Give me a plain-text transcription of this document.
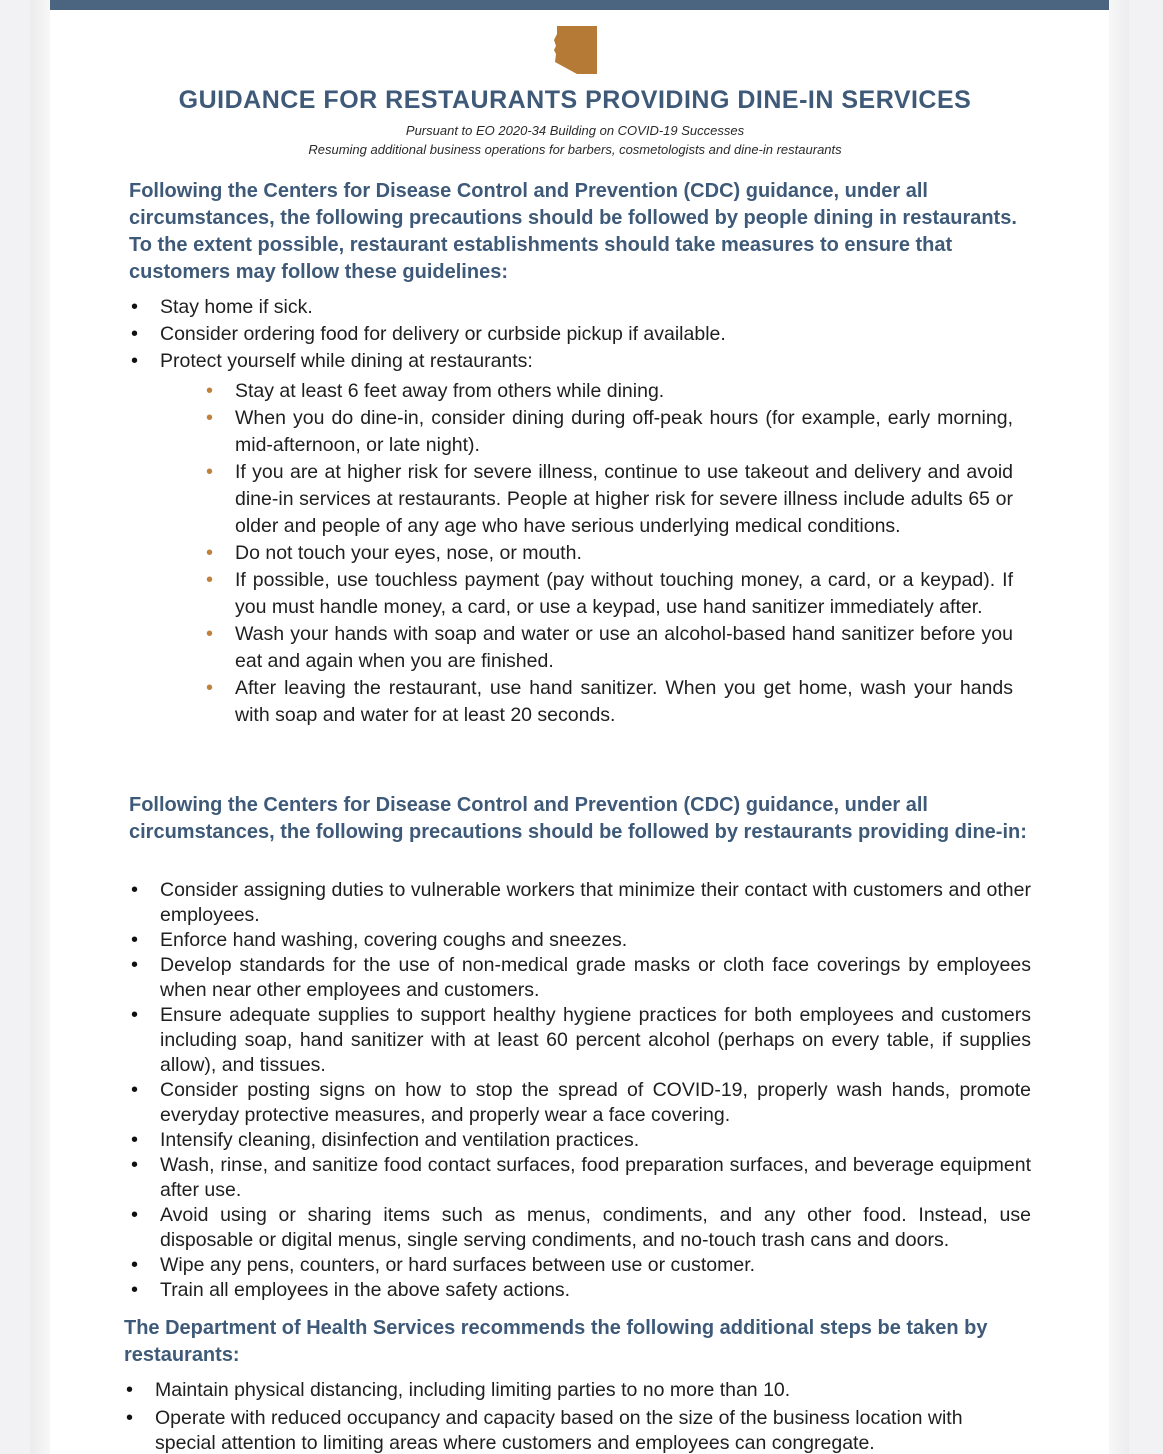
GUIDANCE FOR RESTAURANTS PROVIDING DINE-IN SERVICES
Pursuant to EO 2020-34 Building on COVID-19 Successes
Resuming additional business operations for barbers, cosmetologists and dine-in restaurants
Following the Centers for Disease Control and Prevention (CDC) guidance, under all circumstances, the following precautions should be followed by people dining in restaurants. To the extent possible, restaurant establishments should take measures to ensure that customers may follow these guidelines:
• Stay home if sick.
• Consider ordering food for delivery or curbside pickup if available.
• Protect yourself while dining at restaurants:
• Stay at least 6 feet away from others while dining.
• When you do dine-in, consider dining during off-peak hours (for example, early morning, mid-afternoon, or late night).
• If you are at higher risk for severe illness, continue to use takeout and delivery and avoid dine-in services at restaurants. People at higher risk for severe illness include adults 65 or older and people of any age who have serious underlying medical conditions.
• Do not touch your eyes, nose, or mouth.
• If possible, use touchless payment (pay without touching money, a card, or a keypad). If you must handle money, a card, or use a keypad, use hand sanitizer immediately after.
• Wash your hands with soap and water or use an alcohol-based hand sanitizer before you eat and again when you are finished.
• After leaving the restaurant, use hand sanitizer. When you get home, wash your hands with soap and water for at least 20 seconds.
Following the Centers for Disease Control and Prevention (CDC) guidance, under all circumstances, the following precautions should be followed by restaurants providing dine-in:
• Consider assigning duties to vulnerable workers that minimize their contact with customers and other employees.
• Enforce hand washing, covering coughs and sneezes.
• Develop standards for the use of non-medical grade masks or cloth face coverings by employees when near other employees and customers.
• Ensure adequate supplies to support healthy hygiene practices for both employees and customers including soap, hand sanitizer with at least 60 percent alcohol (perhaps on every table, if supplies allow), and tissues.
• Consider posting signs on how to stop the spread of COVID-19, properly wash hands, promote everyday protective measures, and properly wear a face covering.
• Intensify cleaning, disinfection and ventilation practices.
• Wash, rinse, and sanitize food contact surfaces, food preparation surfaces, and beverage equipment after use.
• Avoid using or sharing items such as menus, condiments, and any other food. Instead, use disposable or digital menus, single serving condiments, and no-touch trash cans and doors.
• Wipe any pens, counters, or hard surfaces between use or customer.
• Train all employees in the above safety actions.
The Department of Health Services recommends the following additional steps be taken by restaurants:
• Maintain physical distancing, including limiting parties to no more than 10.
• Operate with reduced occupancy and capacity based on the size of the business location with special attention to limiting areas where customers and employees can congregate.
